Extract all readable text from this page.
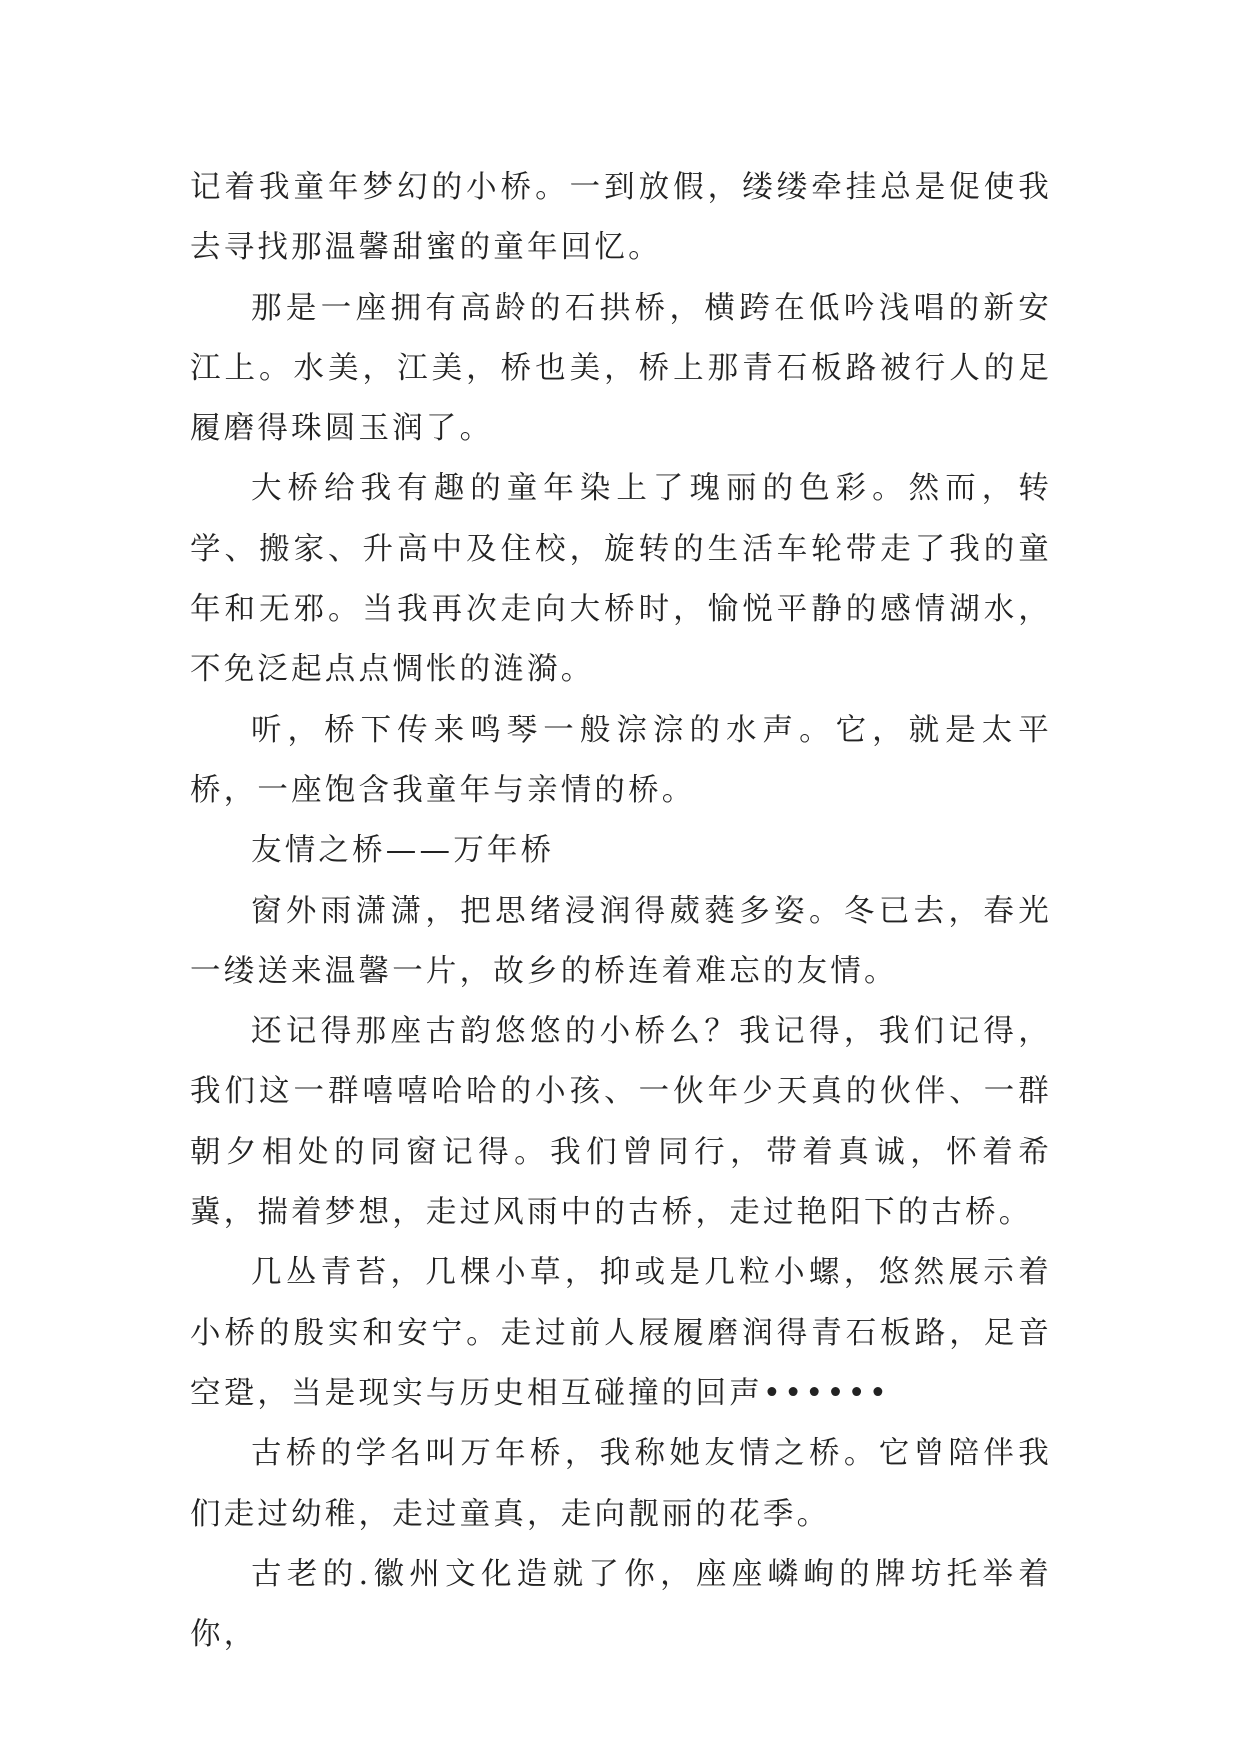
记着我童年梦幻的小桥。一到放假，缕缕牵挂总是促使我去寻找那温馨甜蜜的童年回忆。

那是一座拥有高龄的石拱桥，横跨在低吟浅唱的新安江上。水美，江美，桥也美，桥上那青石板路被行人的足履磨得珠圆玉润了。

大桥给我有趣的童年染上了瑰丽的色彩。然而，转学、搬家、升高中及住校，旋转的生活车轮带走了我的童年和无邪。当我再次走向大桥时，愉悦平静的感情湖水，不免泛起点点惆怅的涟漪。

听，桥下传来鸣琴一般淙淙的水声。它，就是太平桥，一座饱含我童年与亲情的桥。

友情之桥——万年桥

窗外雨潇潇，把思绪浸润得葳蕤多姿。冬已去，春光一缕送来温馨一片，故乡的桥连着难忘的友情。

还记得那座古韵悠悠的小桥么？我记得，我们记得，我们这一群嘻嘻哈哈的小孩、一伙年少天真的伙伴、一群朝夕相处的同窗记得。我们曾同行，带着真诚，怀着希冀，揣着梦想，走过风雨中的古桥，走过艳阳下的古桥。

几丛青苔，几棵小草，抑或是几粒小螺，悠然展示着小桥的殷实和安宁。走过前人屐履磨润得青石板路，足音空跫，当是现实与历史相互碰撞的回声••••••

古桥的学名叫万年桥，我称她友情之桥。它曾陪伴我们走过幼稚，走过童真，走向靓丽的花季。

古老的.徽州文化造就了你，座座嶙峋的牌坊托举着你，
